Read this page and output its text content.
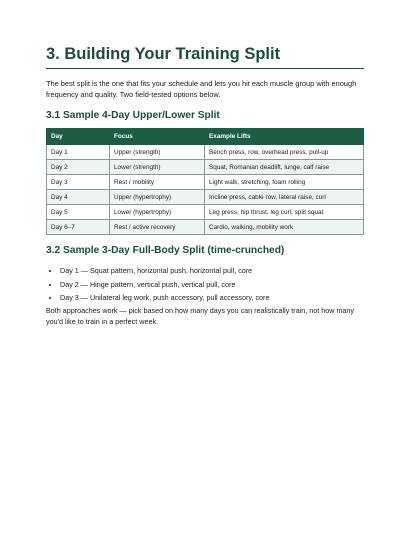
3. Building Your Training Split

The best split is the one that fits your schedule and lets you hit each muscle group with enough frequency and quality. Two field-tested options below.

3.1 Sample 4-Day Upper/Lower Split
Day	Focus	Example Lifts
Day 1	Upper (strength)	Bench press, row, overhead press, pull-up
Day 2	Lower (strength)	Squat, Romanian deadlift, lunge, calf raise
Day 3	Rest / mobility	Light walk, stretching, foam rolling
Day 4	Upper (hypertrophy)	Incline press, cable row, lateral raise, curl
Day 5	Lower (hypertrophy)	Leg press, hip thrust, leg curl, split squat
Day 6–7	Rest / active recovery	Cardio, walking, mobility work
3.2 Sample 3-Day Full-Body Split (time-crunched)
• Day 1 — Squat pattern, horizontal push, horizontal pull, core
• Day 2 — Hinge pattern, vertical push, vertical pull, core
• Day 3 — Unilateral leg work, push accessory, pull accessory, core

Both approaches work — pick based on how many days you can realistically train, not how many you'd like to train in a perfect week.
